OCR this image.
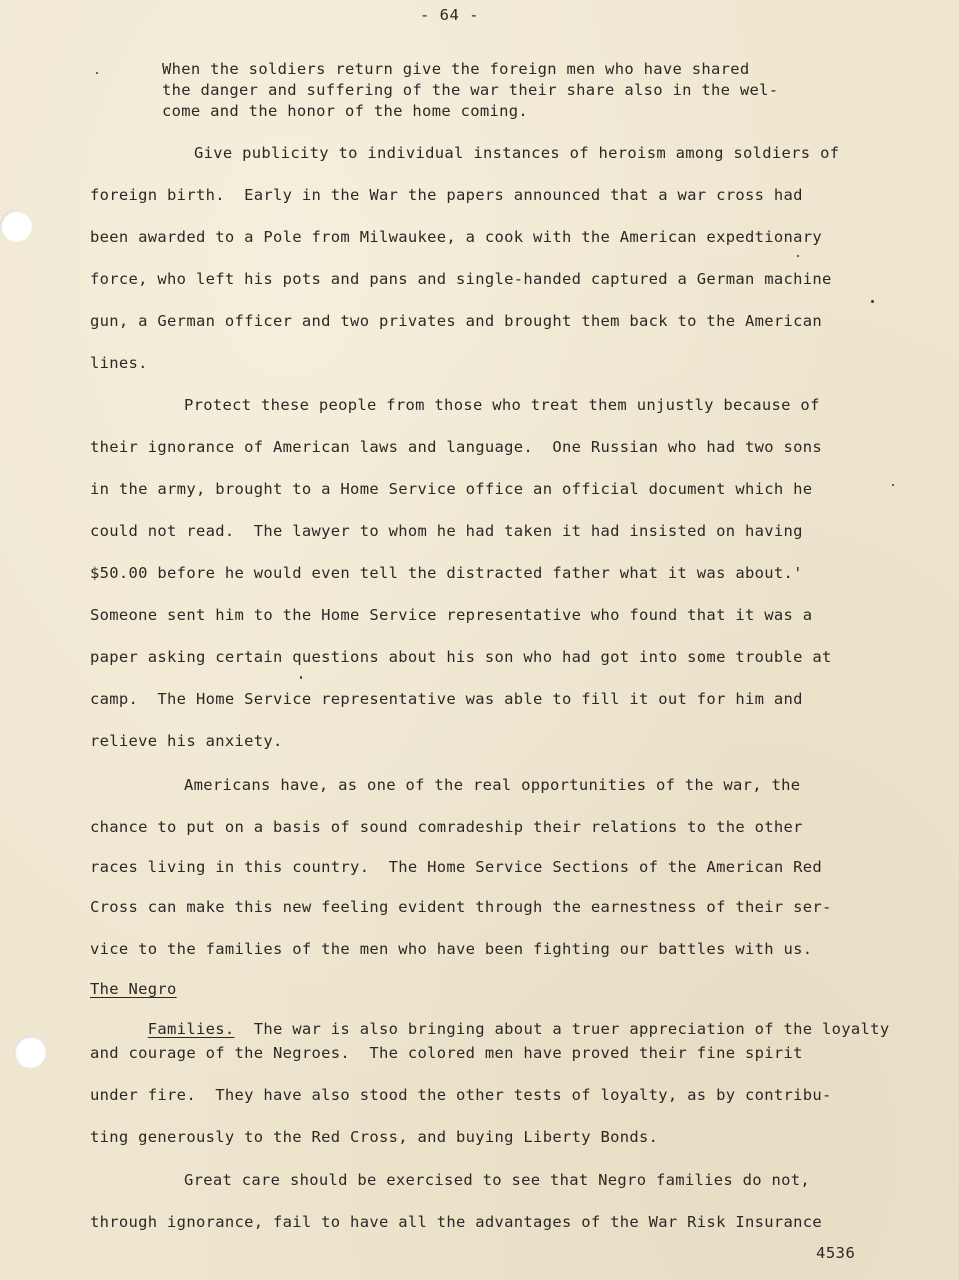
- 64 -
When the soldiers return give the foreign men who have shared
the danger and suffering of the war their share also in the wel-
come and the honor of the home coming.
Give publicity to individual instances of heroism among soldiers of
foreign birth.  Early in the War the papers announced that a war cross had
been awarded to a Pole from Milwaukee, a cook with the American expedtionary
force, who left his pots and pans and single-handed captured a German machine
gun, a German officer and two privates and brought them back to the American
lines.
Protect these people from those who treat them unjustly because of
their ignorance of American laws and language.  One Russian who had two sons
in the army, brought to a Home Service office an official document which he
could not read.  The lawyer to whom he had taken it had insisted on having
$50.00 before he would even tell the distracted father what it was about.'
Someone sent him to the Home Service representative who found that it was a
paper asking certain questions about his son who had got into some trouble at
camp.  The Home Service representative was able to fill it out for him and
relieve his anxiety.
Americans have, as one of the real opportunities of the war, the
chance to put on a basis of sound comradeship their relations to the other
races living in this country.  The Home Service Sections of the American Red
Cross can make this new feeling evident through the earnestness of their ser-
vice to the families of the men who have been fighting our battles with us.
The Negro

Families.  The war is also bringing about a truer appreciation of the loyalty

and courage of the Negroes.  The colored men have proved their fine spirit
under fire.  They have also stood the other tests of loyalty, as by contribu-
ting generously to the Red Cross, and buying Liberty Bonds.
Great care should be exercised to see that Negro families do not,
through ignorance, fail to have all the advantages of the War Risk Insurance
4536
